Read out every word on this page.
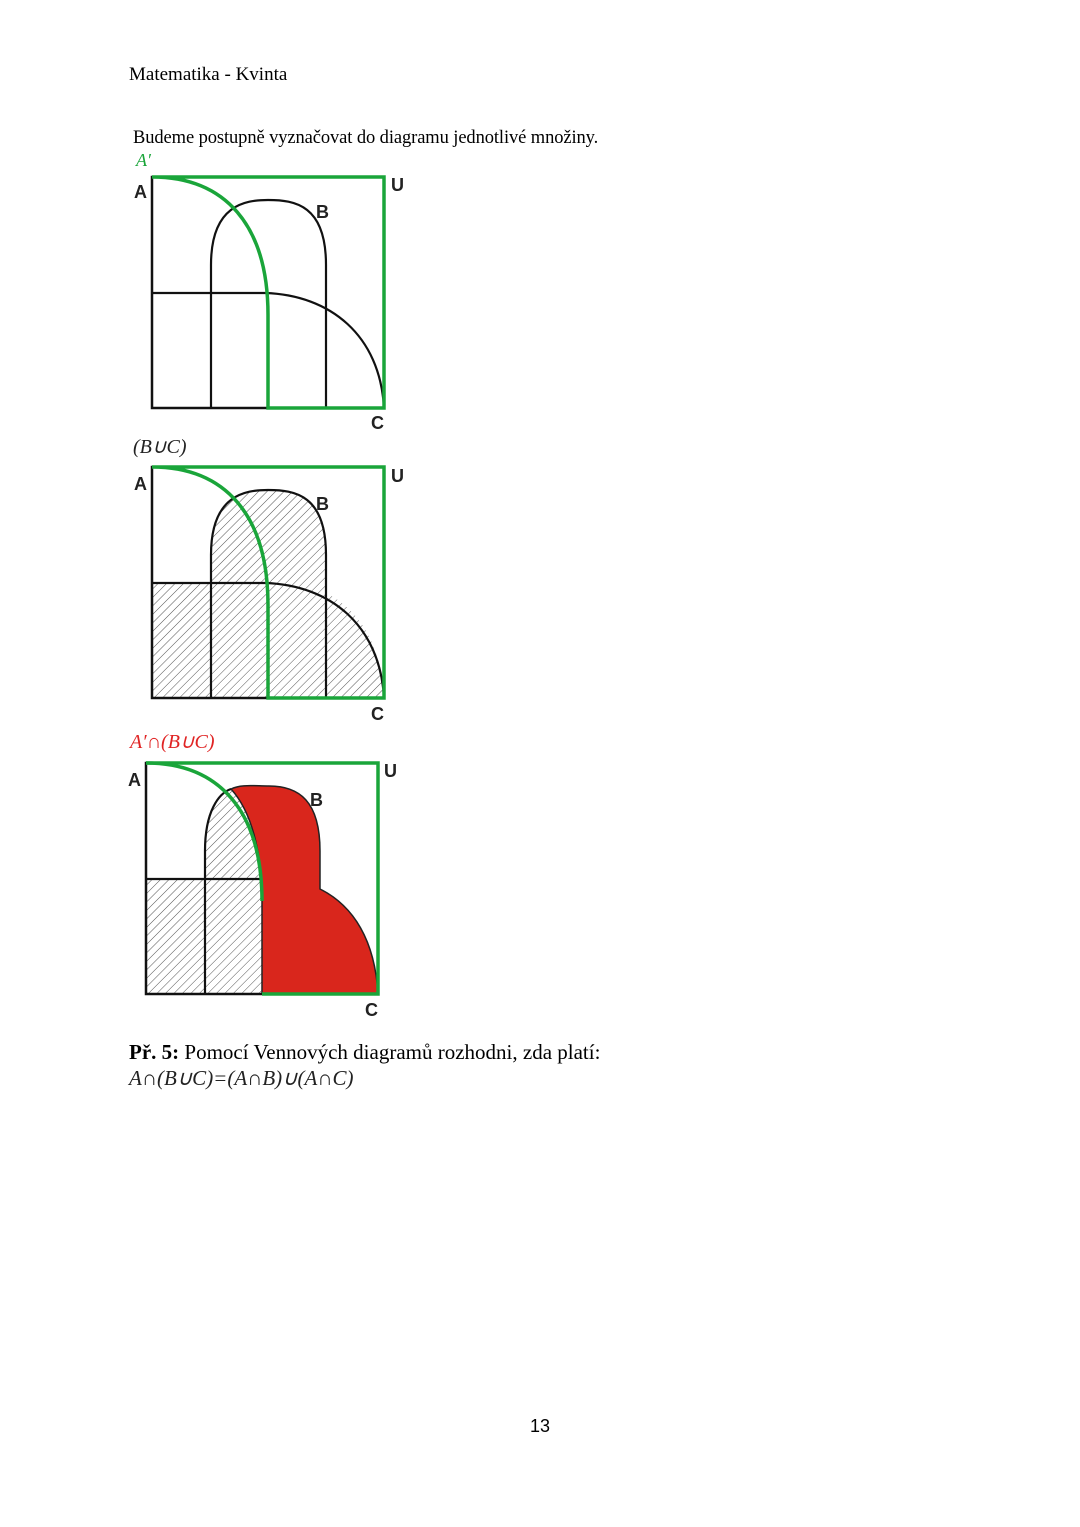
Matematika - Kvinta
Budeme postupně vyznačovat do diagramu jednotlivé množiny.
A′
A
B
C
U
(B∪C)
A
B
C
U
A′∩(B∪C)
A
B
C
U
Př. 5: Pomocí Vennových diagramů rozhodni, zda platí:
A∩(B∪C)=(A∩B)∪(A∩C)
13
